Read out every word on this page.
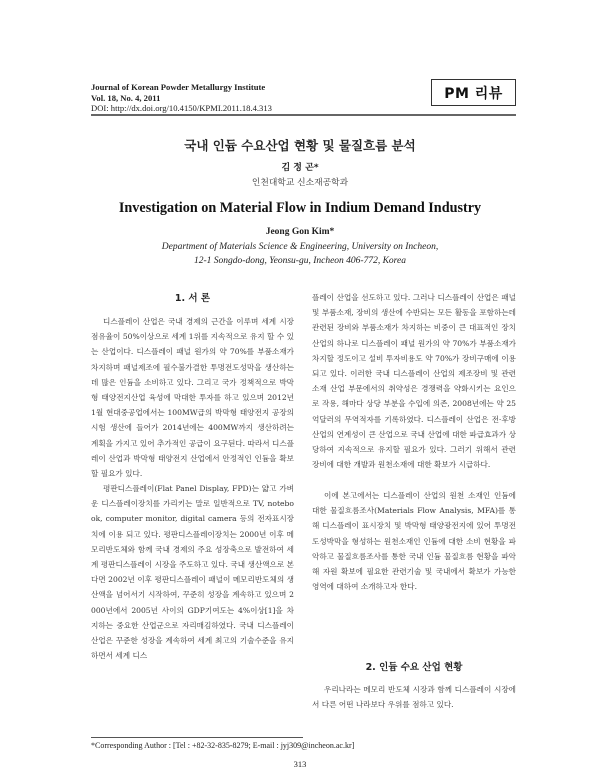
Journal of Korean Powder Metallurgy Institute
Vol. 18, No. 4, 2011
DOI: http://dx.doi.org/10.4150/KPMI.2011.18.4.313
PM 리뷰
국내 인듐 수요산업 현황 및 물질흐름 분석
김 정 곤*
인천대학교 신소재공학과
Investigation on Material Flow in Indium Demand Industry
Jeong Gon Kim*
Department of Materials Science & Engineering, University on Incheon,
12-1 Songdo-dong, Yeonsu-gu, Incheon 406-772, Korea
1. 서 론
디스플레이 산업은 국내 경제의 근간을 이루며 세계 시장 점유율이 50%이상으로 세계 1위를 지속적으로 유지 할 수 있는 산업이다. 디스플레이 패널 원가의 약 70%를 부품소재가 차지하며 패널제조에 필수불가결한 투명전도성막을 생산하는데 많은 인듐을 소비하고 있다. 그리고 국가 정책적으로 박막형 태양전지산업 육성에 막대한 투자를 하고 있으며 2012년 1월 현대중공업에서는 100MW급의 박막형 태양전지 공장의 시험 생산에 들어가 2014년에는 400MW까지 생산하려는 계획을 가지고 있어 추가적인 공급이 요구된다. 따라서 디스플레이 산업과 박막형 태양전지 산업에서 안정적인 인듐을 확보할 필요가 있다.
평판디스플레이(Flat Panel Display, FPD)는 얇고 가벼운 디스플레이장치를 가리키는 말로 일반적으로 TV, notebook, computer monitor, digital camera 등의 전자표시장치에 이용 되고 있다. 평판디스플레이장치는 2000년 이후 메모리반도체와 함께 국내 경제의 주요 성장축으로 발전하여 세계 평판디스플레이 시장을 주도하고 있다. 국내 생산액으로 본다면 2002년 이후 평판디스플레이 패널이 메모리반도체의 생산액을 넘어서기 시작하여, 꾸준히 성장을 계속하고 있으며 2000년에서 2005년 사이의 GDP기여도는 4%이상[1]을 차지하는 중요한 산업군으로 자리매김하였다. 국내 디스플레이 산업은 꾸준한 성장을 계속하여 세계 최고의 기술수준을 유지하면서 세계 디스
플레이 산업을 선도하고 있다. 그러나 디스플레이 산업은 패널 및 부품소재, 장비의 생산에 수반되는 모든 활동을 포함하는데 관련된 장비와 부품소재가 차지하는 비중이 큰 대표적인 장치산업의 하나로 디스플레이 패널 원가의 약 70%가 부품소재가 차지할 정도이고 설비 투자비용도 약 70%가 장비구매에 이용되고 있다. 이러한 국내 디스플레이 산업의 제조장비 및 관련소재 산업 부문에서의 취약성은 경쟁력을 약화시키는 요인으로 작용, 해마다 상당 부분을 수입에 의존, 2008년에는 약 25억달러의 무역적자를 기록하였다. 디스플레이 산업은 전·후방 산업의 연계성이 큰 산업으로 국내 산업에 대한 파급효과가 상당하여 지속적으로 유지할 필요가 있다. 그러기 위해서 관련 장비에 대한 개발과 원천소재에 대한 확보가 시급하다.
이에 본고에서는 디스플레이 산업의 원천 소재인 인듐에 대한 물질흐름조사(Materials Flow Analysis, MFA)를 통해 디스플레이 표시장치 및 박막형 태양광전지에 있어 투명전도성박막을 형성하는 원천소재인 인듐에 대한 소비 현황을 파악하고 물질흐름조사를 통한 국내 인듐 물질흐름 현황을 파악해 자원 확보에 필요한 관련기술 및 국내에서 확보가 가능한 영역에 대하여 소개하고자 한다.
2. 인듐 수요 산업 현황
우리나라는 메모리 반도체 시장과 함께 디스플레이 시장에서 다른 어떤 나라보다 우위를 점하고 있다.
*Corresponding Author : [Tel : +82-32-835-8279; E-mail : jyj309@incheon.ac.kr]
313
